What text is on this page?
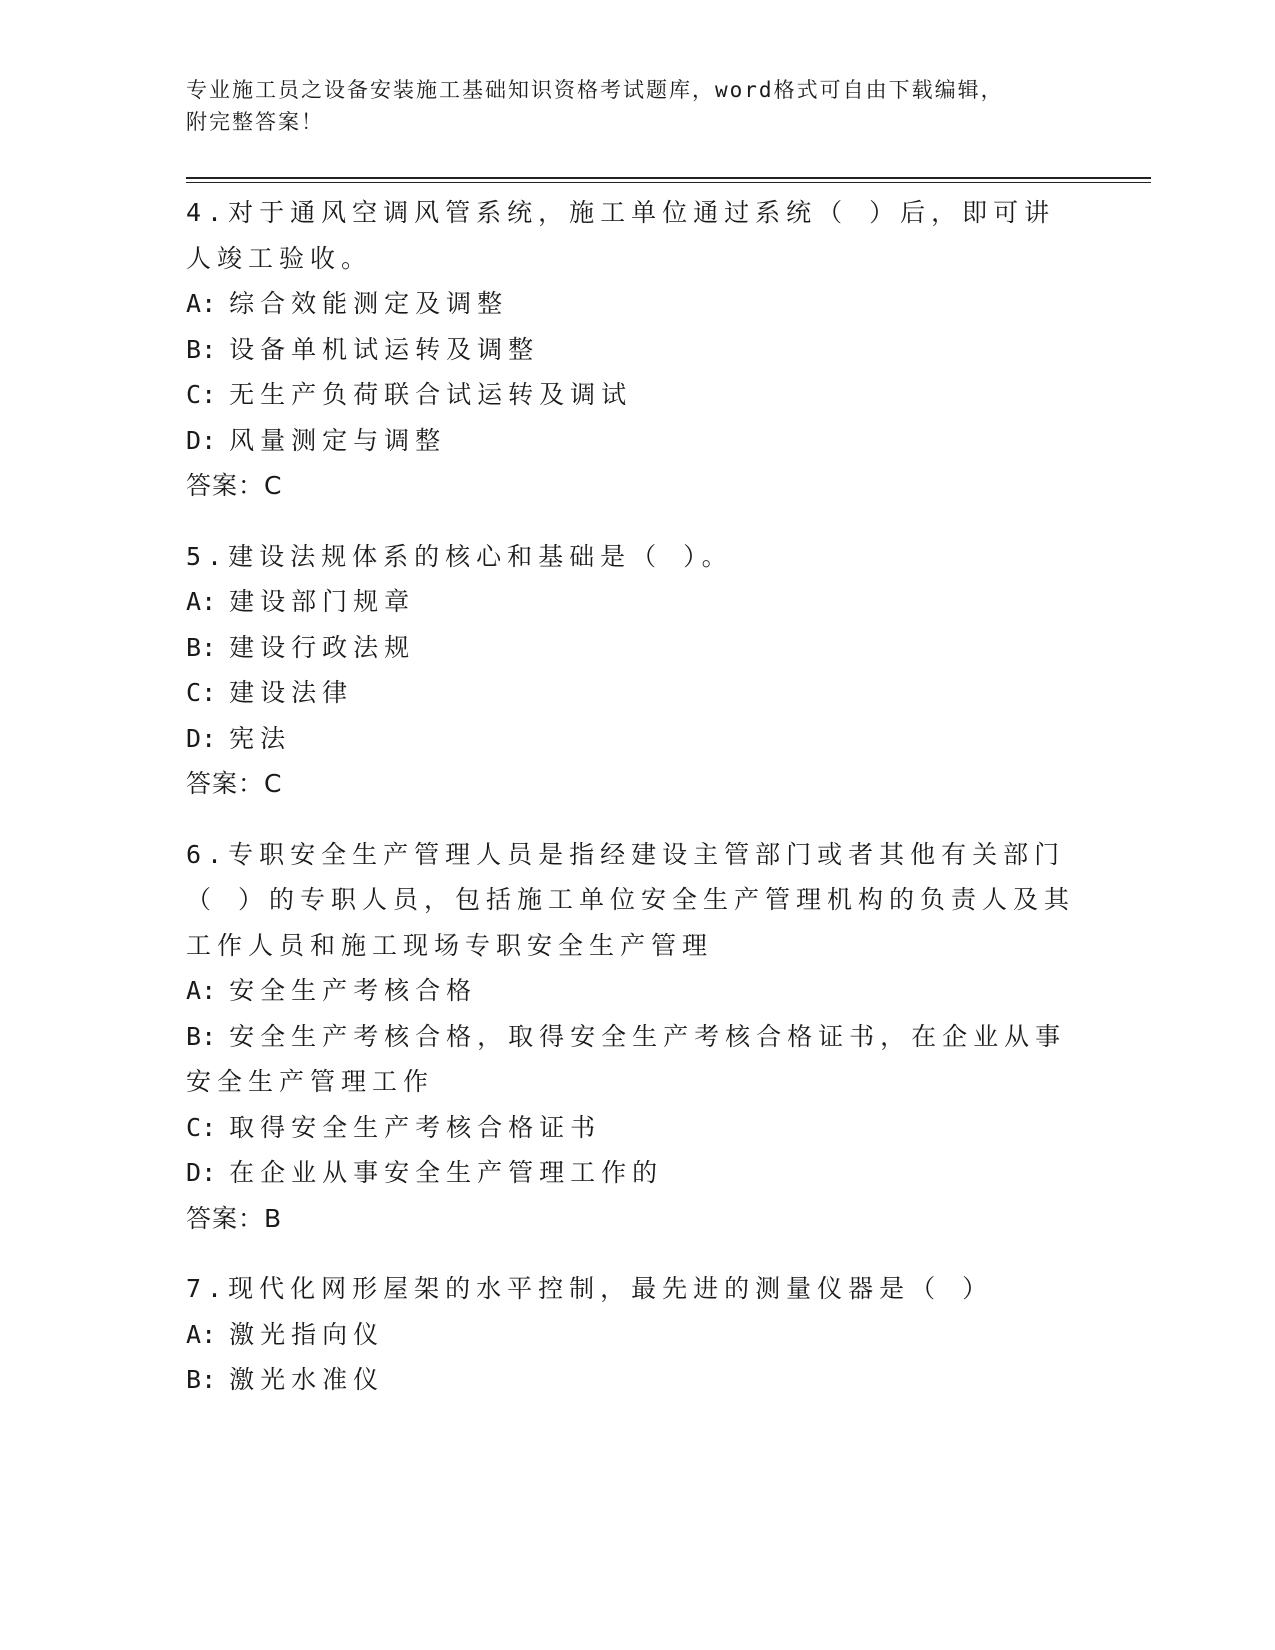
专业施工员之设备安装施工基础知识资格考试题库，word格式可自由下载编辑，
附完整答案！
4.对于通风空调风管系统，施工单位通过系统（ ）后，即可讲人竣工验收。
A: 综合效能测定及调整
B: 设备单机试运转及调整
C: 无生产负荷联合试运转及调试
D: 风量测定与调整
答案：C
5.建设法规体系的核心和基础是（ ）。
A: 建设部门规章
B: 建设行政法规
C: 建设法律
D: 宪法
答案：C
6.专职安全生产管理人员是指经建设主管部门或者其他有关部门（ ）的专职人员，包括施工单位安全生产管理机构的负责人及其工作人员和施工现场专职安全生产管理
A: 安全生产考核合格
B: 安全生产考核合格，取得安全生产考核合格证书，在企业从事安全生产管理工作
C: 取得安全生产考核合格证书
D: 在企业从事安全生产管理工作的
答案：B
7.现代化网形屋架的水平控制，最先进的测量仪器是（ ）
A: 激光指向仪
B: 激光水准仪
